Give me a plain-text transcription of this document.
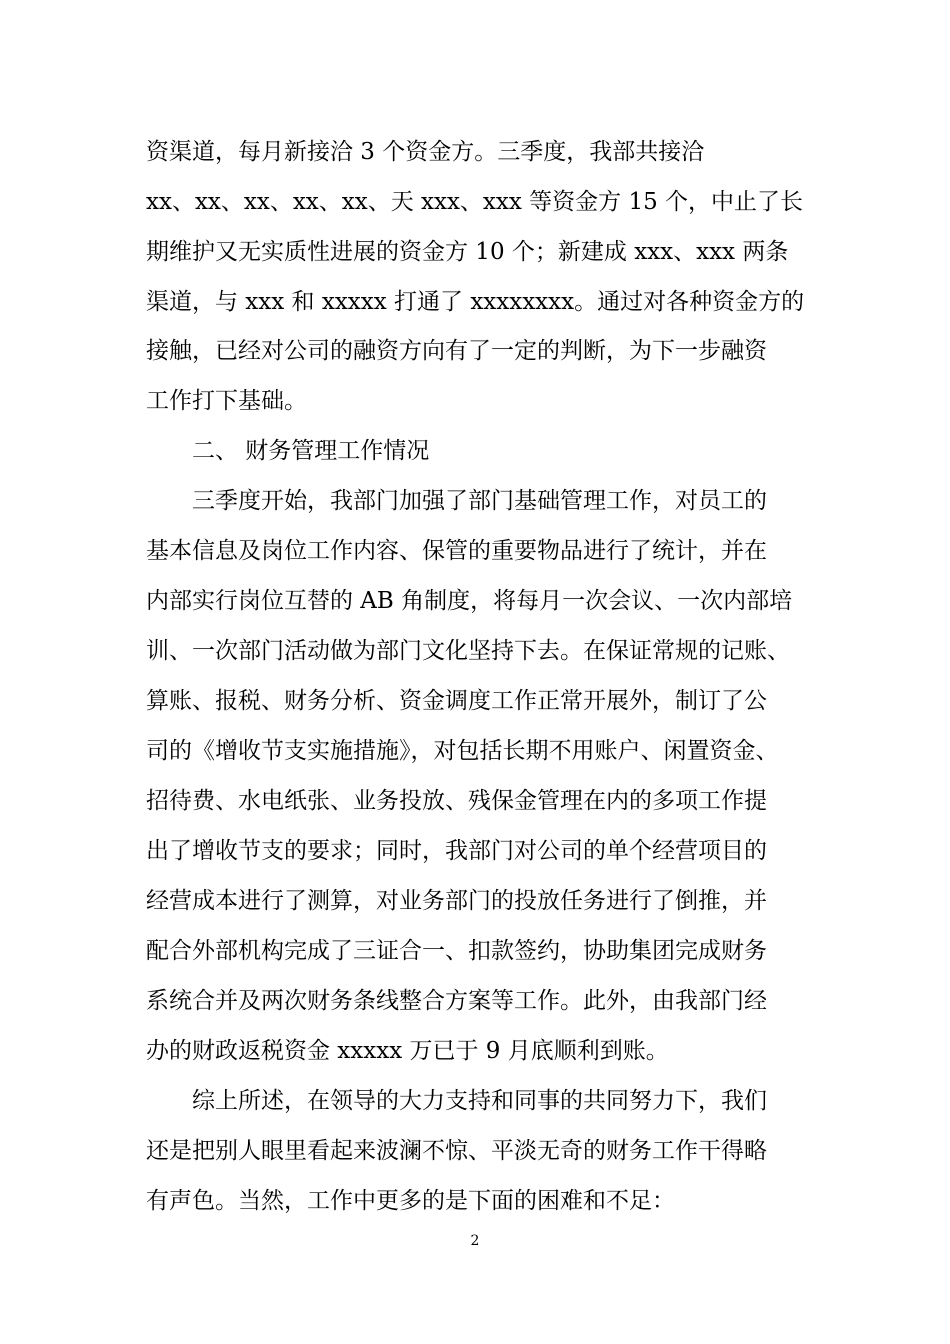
资渠道，每月新接洽 3 个资金方。三季度，我部共接洽
xx、xx、xx、xx、xx、天 xxx、xxx 等资金方 15 个，中止了长
期维护又无实质性进展的资金方 10 个；新建成 xxx、xxx 两条
渠道，与 xxx 和 xxxxx 打通了 xxxxxxxx。通过对各种资金方的
接触，已经对公司的融资方向有了一定的判断，为下一步融资
工作打下基础。
二、 财务管理工作情况
三季度开始，我部门加强了部门基础管理工作，对员工的
基本信息及岗位工作内容、保管的重要物品进行了统计，并在
内部实行岗位互替的 AB 角制度，将每月一次会议、一次内部培
训、一次部门活动做为部门文化坚持下去。在保证常规的记账、
算账、报税、财务分析、资金调度工作正常开展外，制订了公
司的《增收节支实施措施》，对包括长期不用账户、闲置资金、
招待费、水电纸张、业务投放、残保金管理在内的多项工作提
出了增收节支的要求；同时，我部门对公司的单个经营项目的
经营成本进行了测算，对业务部门的投放任务进行了倒推，并
配合外部机构完成了三证合一、扣款签约，协助集团完成财务
系统合并及两次财务条线整合方案等工作。此外，由我部门经
办的财政返税资金 xxxxx 万已于 9 月底顺利到账。
综上所述，在领导的大力支持和同事的共同努力下，我们
还是把别人眼里看起来波澜不惊、平淡无奇的财务工作干得略
有声色。当然，工作中更多的是下面的困难和不足：
2
